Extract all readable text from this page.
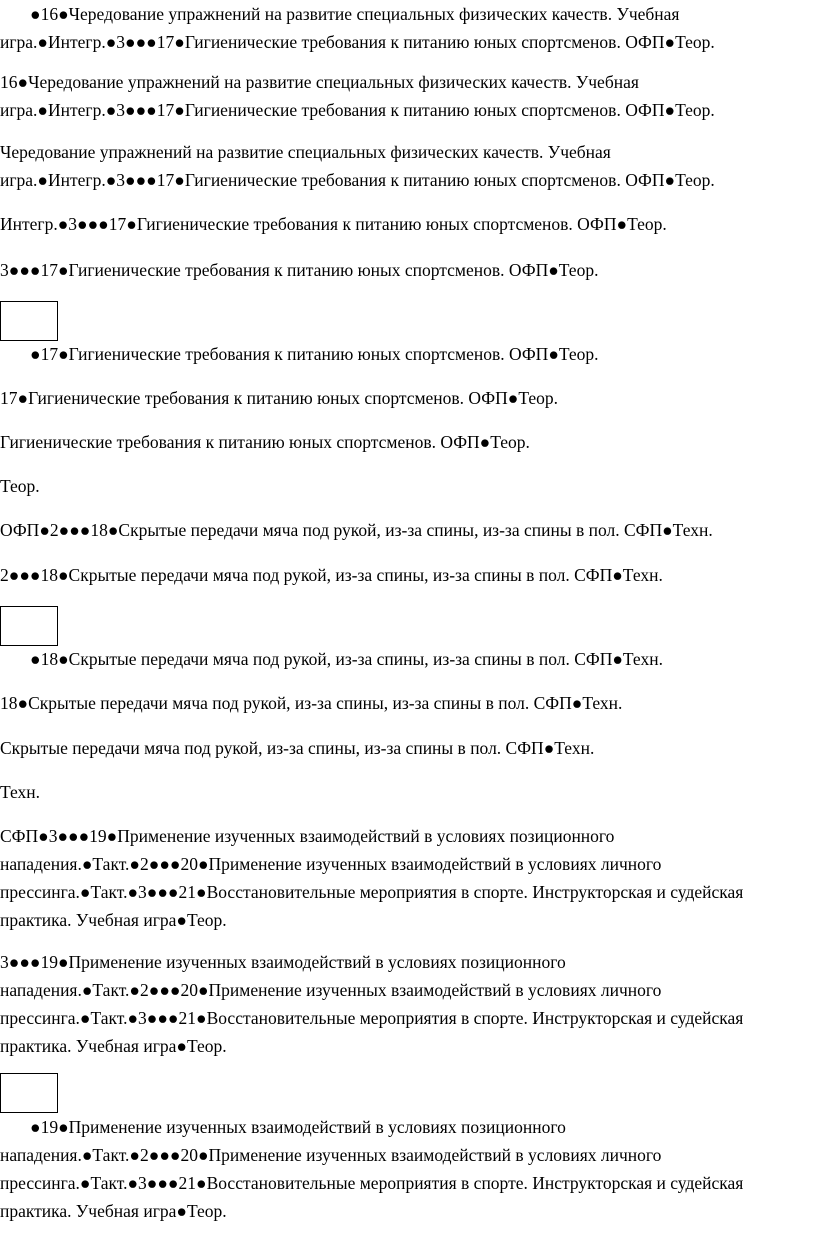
●16●Чередование упражнений на развитие специальных физических качеств. Учебная игра.●Интегр.●3●●●17●Гигиенические требования к питанию юных спортсменов. ОФП●Теор.

16●Чередование упражнений на развитие специальных физических качеств. Учебная игра.●Интегр.●3●●●17●Гигиенические требования к питанию юных спортсменов. ОФП●Теор.

Чередование упражнений на развитие специальных физических качеств. Учебная игра.●Интегр.●3●●●17●Гигиенические требования к питанию юных спортсменов. ОФП●Теор.

Интегр.●3●●●17●Гигиенические требования к питанию юных спортсменов. ОФП●Теор.

3●●●17●Гигиенические требования к питанию юных спортсменов. ОФП●Теор.

●17●Гигиенические требования к питанию юных спортсменов. ОФП●Теор.

17●Гигиенические требования к питанию юных спортсменов. ОФП●Теор.

Гигиенические требования к питанию юных спортсменов. ОФП●Теор.

Теор.

ОФП●2●●●18●Скрытые передачи мяча под рукой, из-за спины, из-за спины в пол. СФП●Техн.

2●●●18●Скрытые передачи мяча под рукой, из-за спины, из-за спины в пол. СФП●Техн.

●18●Скрытые передачи мяча под рукой, из-за спины, из-за спины в пол. СФП●Техн.

18●Скрытые передачи мяча под рукой, из-за спины, из-за спины в пол. СФП●Техн.

Скрытые передачи мяча под рукой, из-за спины, из-за спины в пол. СФП●Техн.

Техн.

СФП●3●●●19●Применение изученных взаимодействий в условиях позиционного нападения.●Такт.●2●●●20●Применение изученных взаимодействий в условиях личного прессинга.●Такт.●3●●●21●Восстановительные мероприятия в спорте. Инструкторская и судейская практика. Учебная игра●Теор.

3●●●19●Применение изученных взаимодействий в условиях позиционного нападения.●Такт.●2●●●20●Применение изученных взаимодействий в условиях личного прессинга.●Такт.●3●●●21●Восстановительные мероприятия в спорте. Инструкторская и судейская практика. Учебная игра●Теор.

●19●Применение изученных взаимодействий в условиях позиционного нападения.●Такт.●2●●●20●Применение изученных взаимодействий в условиях личного прессинга.●Такт.●3●●●21●Восстановительные мероприятия в спорте. Инструкторская и судейская практика. Учебная игра●Теор.
